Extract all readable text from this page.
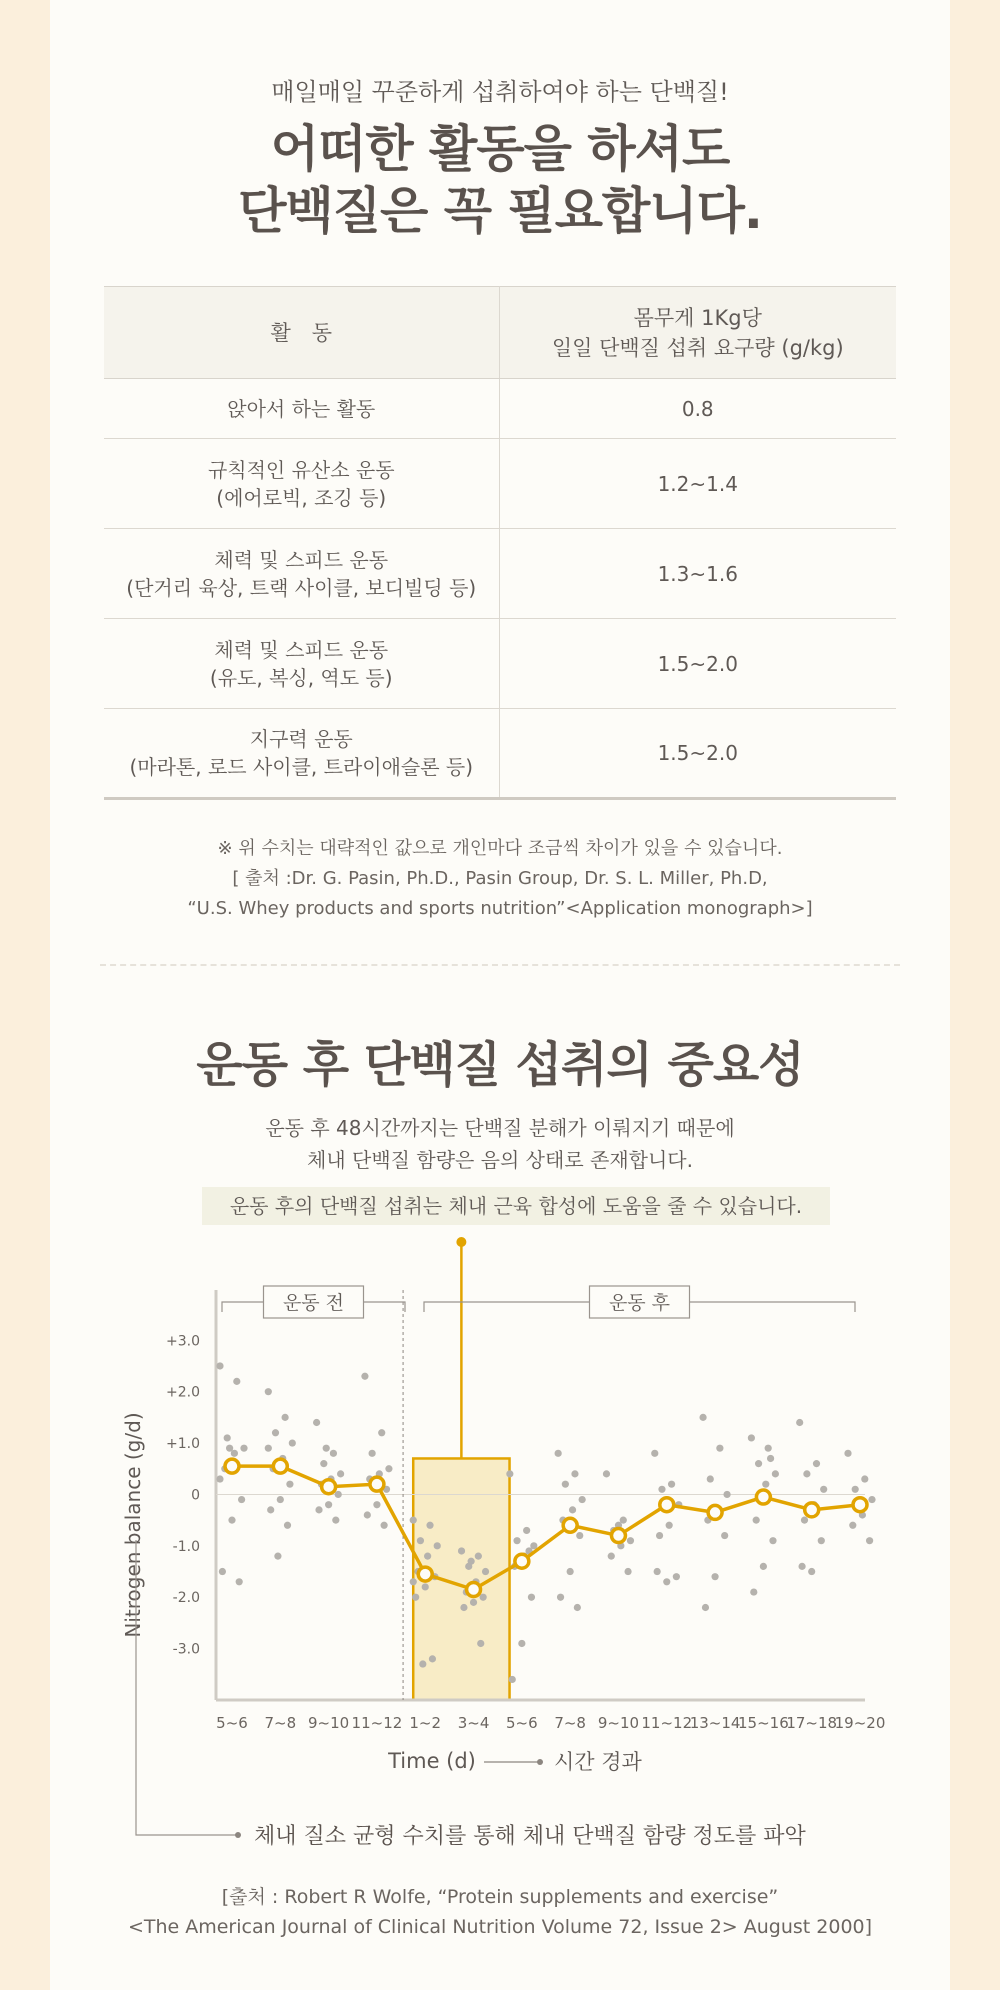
매일매일 꾸준하게 섭취하여야 하는 단백질!
어떠한 활동을 하셔도
단백질은 꼭 필요합니다.
활　동	몸무게 1Kg당
일일 단백질 섭취 요구량 (g/kg)

앉아서 하는 활동	0.8

규칙적인 유산소 운동
(에어로빅, 조깅 등)	1.2~1.4

체력 및 스피드 운동
(단거리 육상, 트랙 사이클, 보디빌딩 등)	1.3~1.6

체력 및 스피드 운동
(유도, 복싱, 역도 등)	1.5~2.0

지구력 운동
(마라톤, 로드 사이클, 트라이애슬론 등)	1.5~2.0
※ 위 수치는 대략적인 값으로 개인마다 조금씩 차이가 있을 수 있습니다.
[ 출처 :Dr. G. Pasin, Ph.D., Pasin Group, Dr. S. L. Miller, Ph.D,
“U.S. Whey products and sports nutrition”<Application monograph>]
운동 후 단백질 섭취의 중요성
운동 후 48시간까지는 단백질 분해가 이뤄지기 때문에
체내 단백질 함량은 음의 상태로 존재합니다.
운동 후의 단백질 섭취는 체내 근육 합성에 도움을 줄 수 있습니다.
운동 전	운동 후
+3.0
+2.0
+1.0
0
-1.0
-2.0
-3.0
Nitrogen balance (g/d)
5~6 7~8 9~10 11~12 1~2 3~4 5~6 7~8 9~10 11~12
13~14
15~16
17~18
19~20
Time (d)	시간 경과
체내 질소 균형 수치를 통해 체내 단백질 함량 정도를 파악
[출처 : Robert R Wolfe, “Protein supplements and exercise”
<The American Journal of Clinical Nutrition Volume 72, Issue 2> August 2000]
